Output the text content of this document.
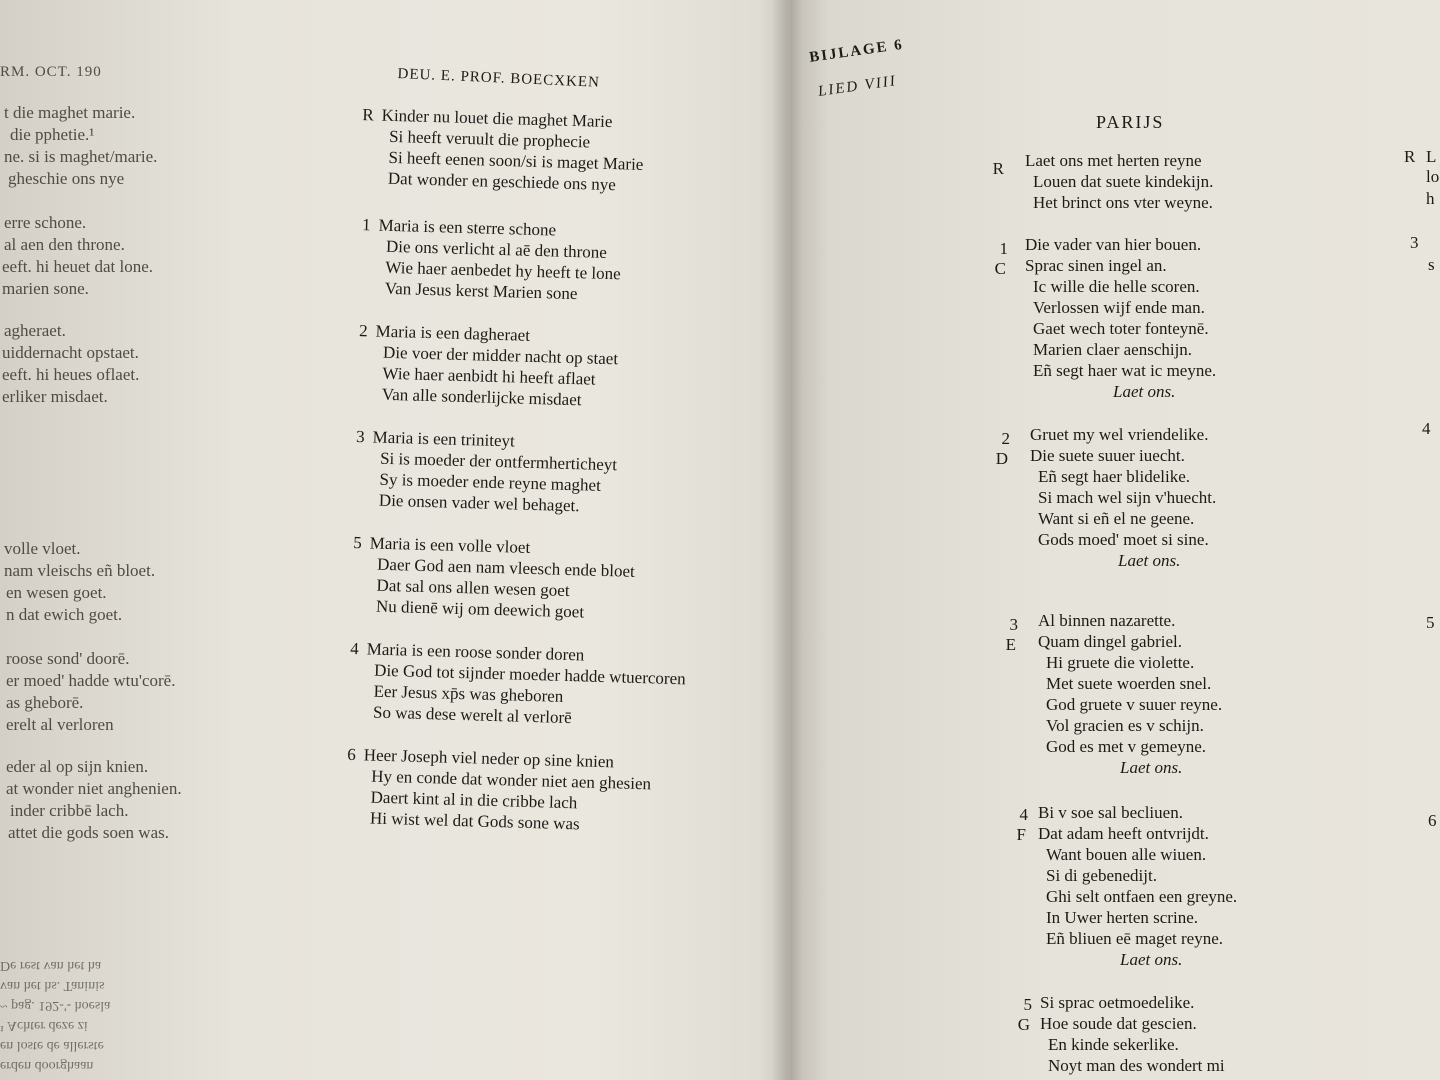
RM. OCT. 190	DEU. E. PROF. BOECXKEN
t die maghet marie.
die pphetie.¹
ne. si is maghet/marie.
gheschie ons nye
erre schone.
al aen den throne.
eeft. hi heuet dat lone.
marien sone.
agheraet.
uiddernacht opstaet.
eeft. hi heues oflaet.
erliker misdaet.
volle vloet.
nam vleischs eñ bloet.
en wesen goet.
n dat ewich goet.
roose sond' doorē.
er moed' hadde wtu'corē.
as gheborē.
erelt al verloren
eder al op sijn knien.
at wonder niet anghenien.
inder cribbē lach.
attet die gods soen was.
erden doorghaan
en loste de allerste
¹ Achter deze zi
~ pag. 192-'- hoesla
van het hs. Taninis
De rest van het ha
R Kinder nu louet die maghet Marie
Si heeft veruult die prophecie
Si heeft eenen soon/si is maget Marie
Dat wonder en geschiede ons nye
1 Maria is een sterre schone
Die ons verlicht al aē den throne
Wie haer aenbedet hy heeft te lone
Van Jesus kerst Marien sone
2 Maria is een dagheraet
Die voer der midder nacht op staet
Wie haer aenbidt hi heeft aflaet
Van alle sonderlijcke misdaet
3 Maria is een triniteyt
Si is moeder der ontfermherticheyt
Sy is moeder ende reyne maghet
Die onsen vader wel behaget.
5 Maria is een volle vloet
Daer God aen nam vleesch ende bloet
Dat sal ons allen wesen goet
Nu dienē wij om deewich goet
4 Maria is een roose sonder doren
Die God tot sijnder moeder hadde wtuercoren
Eer Jesus xp̄s was gheboren
So was dese werelt al verlorē
6 Heer Joseph viel neder op sine knien
Hy en conde dat wonder niet aen ghesien
Daert kint al in die cribbe lach
Hi wist wel dat Gods sone was
BIJLAGE 6
LIED VIII
PARIJS
R Laet ons met herten reyne
Louen dat suete kindekijn.
Het brinct ons vter weyne.
1
C
Die vader van hier bouen.
Sprac sinen ingel an.
Ic wille die helle scoren.
Verlossen wijf ende man.
Gaet wech toter fonteynē.
Marien claer aenschijn.
Eñ segt haer wat ic meyne.
Laet ons.
2
D
Gruet my wel vriendelike.
Die suete suuer iuecht.
Eñ segt haer blidelike.
Si mach wel sijn v'huecht.
Want si eñ el ne geene.
Gods moed' moet si sine.
Laet ons.
3
E
Al binnen nazarette.
Quam dingel gabriel.
Hi gruete die violette.
Met suete woerden snel.
God gruete v suuer reyne.
Vol gracien es v schijn.
God es met v gemeyne.
Laet ons.
4
F
Bi v soe sal becliuen.
Dat adam heeft ontvrijdt.
Want bouen alle wiuen.
Si di gebenedijt.
Ghi selt ontfaen een greyne.
In Uwer herten scrine.
Eñ bliuen eē maget reyne.
Laet ons.
5
G
Si sprac oetmoedelike.
Hoe soude dat gescien.
En kinde sekerlike.
Noyt man des wondert mi
R L
lo
h
3
s
4
5
6
